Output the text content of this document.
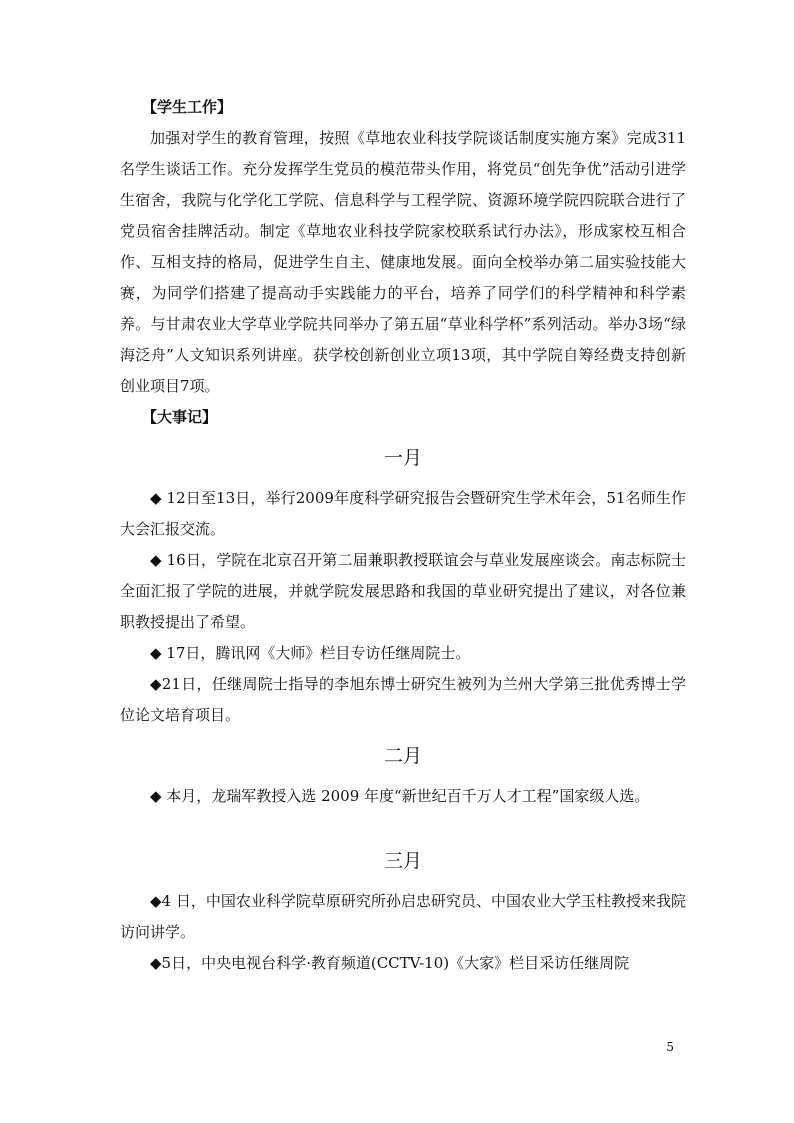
【学生工作】

加强对学生的教育管理，按照《草地农业科技学院谈话制度实施方案》完成311名学生谈话工作。充分发挥学生党员的模范带头作用，将党员“创先争优”活动引进学生宿舍，我院与化学化工学院、信息科学与工程学院、资源环境学院四院联合进行了党员宿舍挂牌活动。制定《草地农业科技学院家校联系试行办法》，形成家校互相合作、互相支持的格局，促进学生自主、健康地发展。面向全校举办第二届实验技能大赛，为同学们搭建了提高动手实践能力的平台，培养了同学们的科学精神和科学素养。与甘肃农业大学草业学院共同举办了第五届“草业科学杯”系列活动。举办3场“绿海泛舟”人文知识系列讲座。获学校创新创业立项13项，其中学院自筹经费支持创新创业项目7项。

【大事记】

一月

◆ 12日至13日，举行2009年度科学研究报告会暨研究生学术年会，51名师生作大会汇报交流。

◆ 16日，学院在北京召开第二届兼职教授联谊会与草业发展座谈会。南志标院士全面汇报了学院的进展，并就学院发展思路和我国的草业研究提出了建议，对各位兼职教授提出了希望。

◆ 17日，腾讯网《大师》栏目专访任继周院士。

◆21日，任继周院士指导的李旭东博士研究生被列为兰州大学第三批优秀博士学位论文培育项目。

二月

◆ 本月，龙瑞军教授入选 2009 年度“新世纪百千万人才工程”国家级人选。

三月

◆4 日，中国农业科学院草原研究所孙启忠研究员、中国农业大学玉柱教授来我院访问讲学。

◆5日，中央电视台科学·教育频道(CCTV-10)《大家》栏目采访任继周院

5
